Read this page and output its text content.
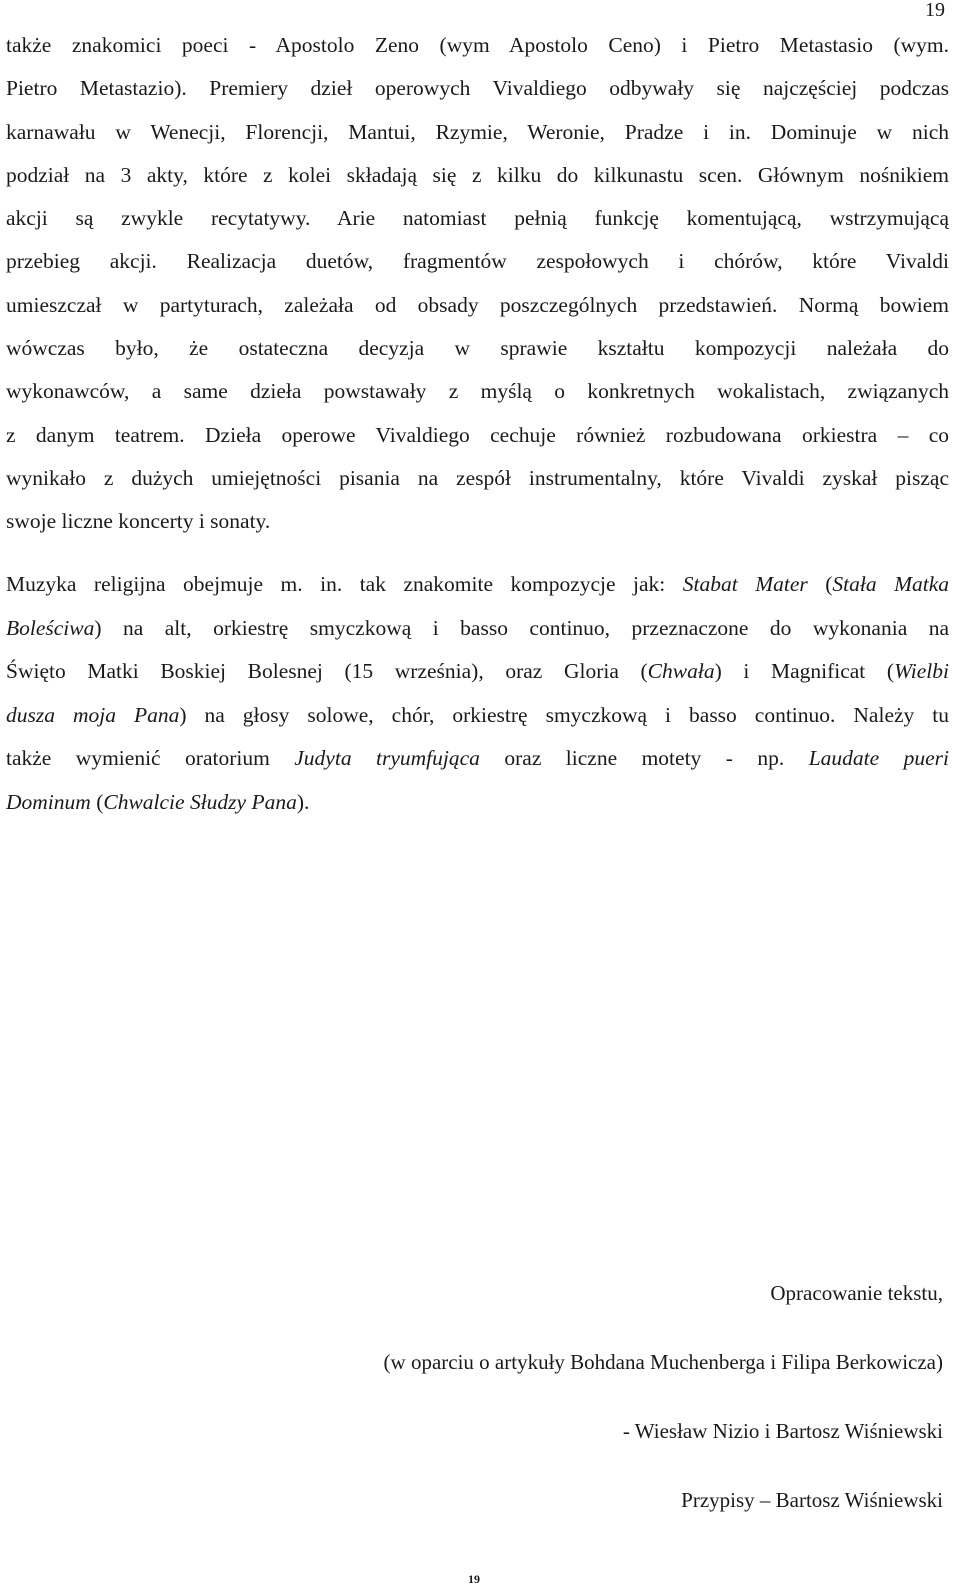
19
także znakomici poeci - Apostolo Zeno (wym Apostolo Ceno) i Pietro Metastasio (wym.
Pietro Metastazio). Premiery dzieł operowych Vivaldiego odbywały się najczęściej podczas
karnawału w Wenecji, Florencji, Mantui, Rzymie, Weronie, Pradze i in. Dominuje w nich
podział na 3 akty, które z kolei składają się z kilku do kilkunastu scen. Głównym nośnikiem
akcji są zwykle recytatywy. Arie natomiast pełnią funkcję komentującą, wstrzymującą
przebieg akcji. Realizacja duetów, fragmentów zespołowych i chórów, które Vivaldi
umieszczał w partyturach, zależała od obsady poszczególnych przedstawień. Normą bowiem
wówczas było, że ostateczna decyzja w sprawie kształtu kompozycji należała do
wykonawców, a same dzieła powstawały z myślą o konkretnych wokalistach, związanych
z danym teatrem. Dzieła operowe Vivaldiego cechuje również rozbudowana orkiestra – co
wynikało z dużych umiejętności pisania na zespół instrumentalny, które Vivaldi zyskał pisząc
swoje liczne koncerty i sonaty.
Muzyka religijna obejmuje m. in. tak znakomite kompozycje jak: Stabat Mater (Stała Matka
Boleściwa) na alt, orkiestrę smyczkową i basso continuo, przeznaczone do wykonania na
Święto Matki Boskiej Bolesnej (15 września), oraz Gloria (Chwała) i Magnificat (Wielbi
dusza moja Pana) na głosy solowe, chór, orkiestrę smyczkową i basso continuo. Należy tu
także wymienić oratorium Judyta tryumfująca oraz liczne motety - np. Laudate pueri
Dominum (Chwalcie Słudzy Pana).
Opracowanie tekstu,
(w oparciu o artykuły Bohdana Muchenberga i Filipa Berkowicza)
- Wiesław Nizio i Bartosz Wiśniewski
Przypisy – Bartosz Wiśniewski
19
